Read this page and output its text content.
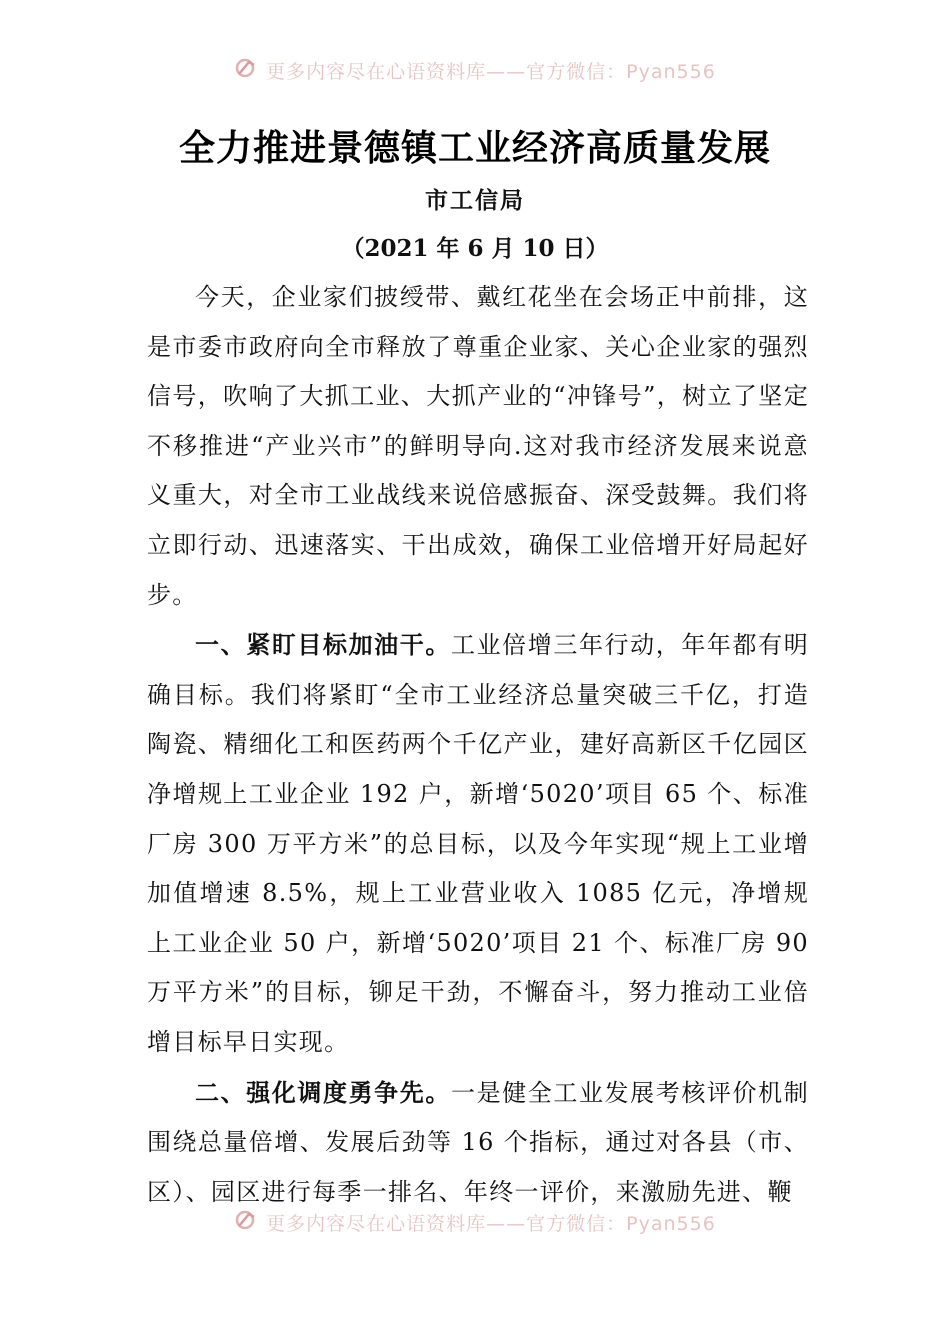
更多内容尽在心语资料库——官方微信：Pyan556
全力推进景德镇工业经济高质量发展
市工信局
（2021 年 6 月 10 日）

今天，企业家们披绶带、戴红花坐在会场正中前排，这是市委市政府向全市释放了尊重企业家、关心企业家的强烈信号，吹响了大抓工业、大抓产业的“冲锋号”，树立了坚定不移推进“产业兴市”的鲜明导向.这对我市经济发展来说意义重大，对全市工业战线来说倍感振奋、深受鼓舞。我们将立即行动、迅速落实、干出成效，确保工业倍增开好局起好步。

一、紧盯目标加油干。工业倍增三年行动，年年都有明确目标。我们将紧盯“全市工业经济总量突破三千亿，打造陶瓷、精细化工和医药两个千亿产业，建好高新区千亿园区净增规上工业企业 192 户，新增‘5020’项目 65 个、标准厂房 300 万平方米”的总目标，以及今年实现“规上工业增加值增速 8.5%，规上工业营业收入 1085 亿元，净增规上工业企业 50 户，新增‘5020’项目 21 个、标准厂房 90 万平方米”的目标，铆足干劲，不懈奋斗，努力推动工业倍增目标早日实现。

二、强化调度勇争先。一是健全工业发展考核评价机制围绕总量倍增、发展后劲等 16 个指标，通过对各县（市、区）、园区进行每季一排名、年终一评价，来激励先进、鞭

更多内容尽在心语资料库——官方微信：Pyan556
